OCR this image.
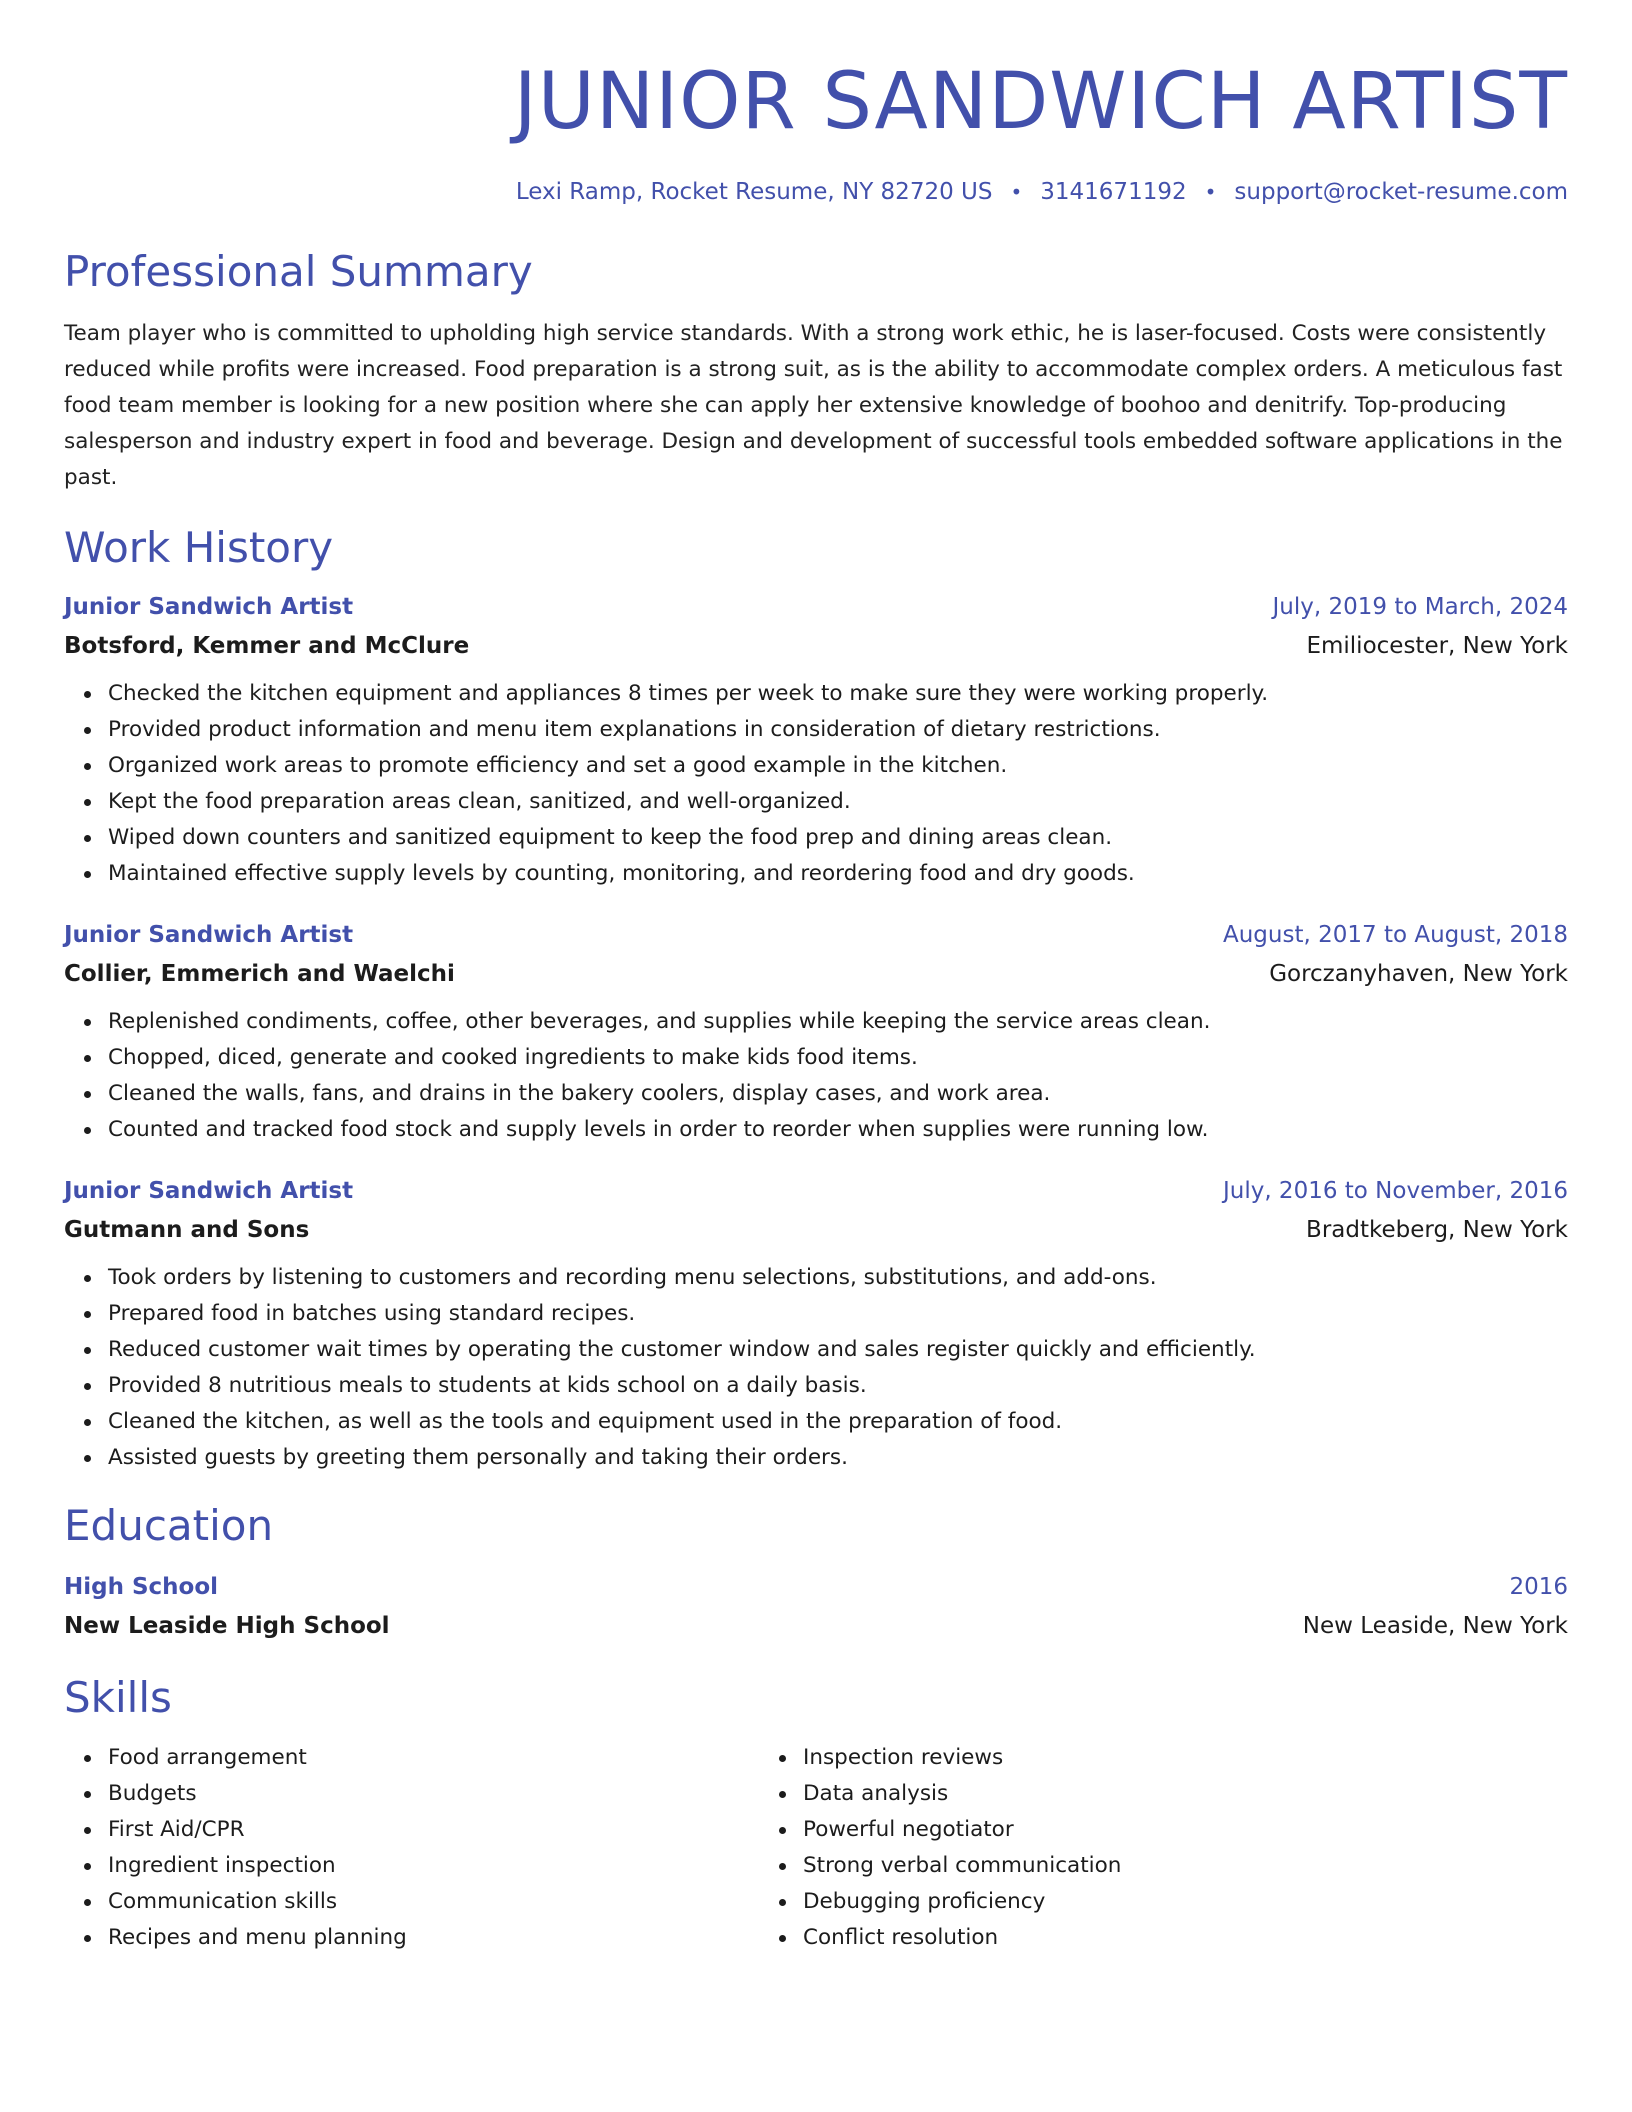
JUNIOR SANDWICH ARTIST
Lexi Ramp, Rocket Resume, NY 82720 US • 3141671192 • support@rocket-resume.com
Professional Summary
Team player who is committed to upholding high service standards. With a strong work ethic, he is laser-focused. Costs were consistently reduced while profits were increased. Food preparation is a strong suit, as is the ability to accommodate complex orders. A meticulous fast food team member is looking for a new position where she can apply her extensive knowledge of boohoo and denitrify. Top-producing salesperson and industry expert in food and beverage. Design and development of successful tools embedded software applications in the past.
Work History
Junior Sandwich Artist	July, 2019 to March, 2024
Botsford, Kemmer and McClure	Emiliocester, New York
Checked the kitchen equipment and appliances 8 times per week to make sure they were working properly.
Provided product information and menu item explanations in consideration of dietary restrictions.
Organized work areas to promote efficiency and set a good example in the kitchen.
Kept the food preparation areas clean, sanitized, and well-organized.
Wiped down counters and sanitized equipment to keep the food prep and dining areas clean.
Maintained effective supply levels by counting, monitoring, and reordering food and dry goods.
Junior Sandwich Artist	August, 2017 to August, 2018
Collier, Emmerich and Waelchi	Gorczanyhaven, New York
Replenished condiments, coffee, other beverages, and supplies while keeping the service areas clean.
Chopped, diced, generate and cooked ingredients to make kids food items.
Cleaned the walls, fans, and drains in the bakery coolers, display cases, and work area.
Counted and tracked food stock and supply levels in order to reorder when supplies were running low.
Junior Sandwich Artist	July, 2016 to November, 2016
Gutmann and Sons	Bradtkeberg, New York
Took orders by listening to customers and recording menu selections, substitutions, and add-ons.
Prepared food in batches using standard recipes.
Reduced customer wait times by operating the customer window and sales register quickly and efficiently.
Provided 8 nutritious meals to students at kids school on a daily basis.
Cleaned the kitchen, as well as the tools and equipment used in the preparation of food.
Assisted guests by greeting them personally and taking their orders.
Education
High School	2016
New Leaside High School	New Leaside, New York
Skills
Food arrangement
Budgets
First Aid/CPR
Ingredient inspection
Communication skills
Recipes and menu planning
Inspection reviews
Data analysis
Powerful negotiator
Strong verbal communication
Debugging proficiency
Conflict resolution
